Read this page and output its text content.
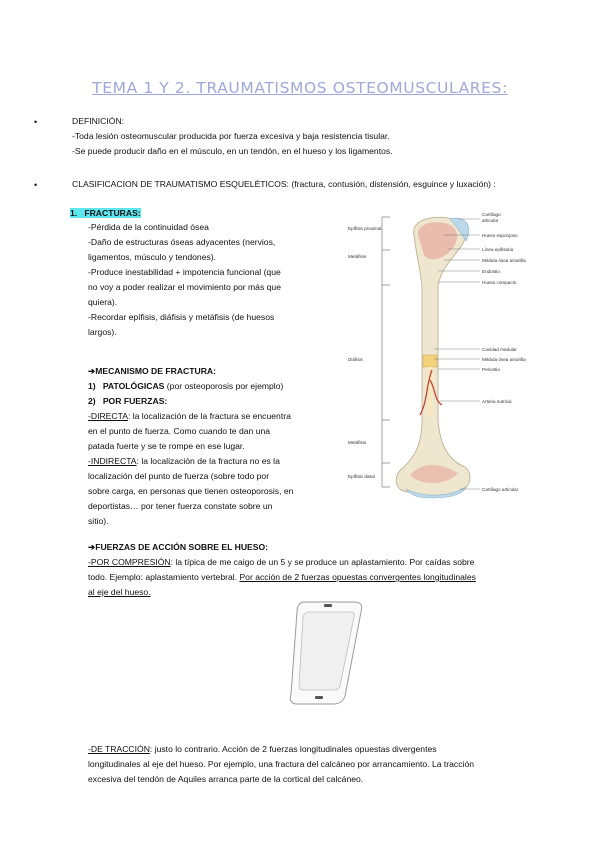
TEMA 1 Y 2. TRAUMATISMOS OSTEOMUSCULARES:
•	DEFINICIÓN:
-Toda lesión osteomuscular producida por fuerza excesiva y baja resistencia tisular.
-Se puede producir daño en el músculo, en un tendón, en el hueso y los ligamentos.
•	CLASIFICACION DE TRAUMATISMO ESQUELÉTICOS: (fractura, contusión, distensión, esguince y luxación) :
1. FRACTURAS:
-Pérdida de la continuidad ósea
-Daño de estructuras óseas adyacentes (nervios,
ligamentos, músculo y tendones).
-Produce inestabilidad + impotencia funcional (que
no voy a poder realizar el movimiento por más que
quiera).
-Recordar epífisis, diáfisis y metáfisis (de huesos
largos).
➔MECANISMO DE FRACTURA:
1) PATOLÓGICAS (por osteoporosis por ejemplo)
2) POR FUERZAS:
-DIRECTA: la localización de la fractura se encuentra
en el punto de fuerza. Como cuando te dan una
patada fuerte y se te rompe en ese lugar.
-INDIRECTA: la localización de la fractura no es la
localización del punto de fuerza (sobre todo por
sobre carga, en personas que tienen osteoporosis, en
deportistas… por tener fuerza constate sobre un
sitio).
➔FUERZAS DE ACCIÓN SOBRE EL HUESO:
-POR COMPRESIÓN: la típica de me caigo de un 5 y se produce un aplastamiento. Por caídas sobre
todo. Ejemplo: aplastamiento vertebral. Por acción de 2 fuerzas opuestas convergentes longitudinales
al eje del hueso.
-DE TRACCIÓN: justo lo contrario. Acción de 2 fuerzas longitudinales opuestas divergentes
longitudinales al eje del hueso. Por ejemplo, una fractura del calcáneo por arrancamiento. La tracción
excesiva del tendón de Aquiles arranca parte de la cortical del calcáneo.
Epífisis proximal
Metáfisis
Diáfisis
Metáfisis
Epífisis distal
Cartílago articular
Hueso esponjoso
Línea epifisaria
Médula ósea amarilla
Endostio
Hueso compacto
Cavidad medular
Médula ósea amarilla
Periostio
Arteria nutricia
Cartílago articular
